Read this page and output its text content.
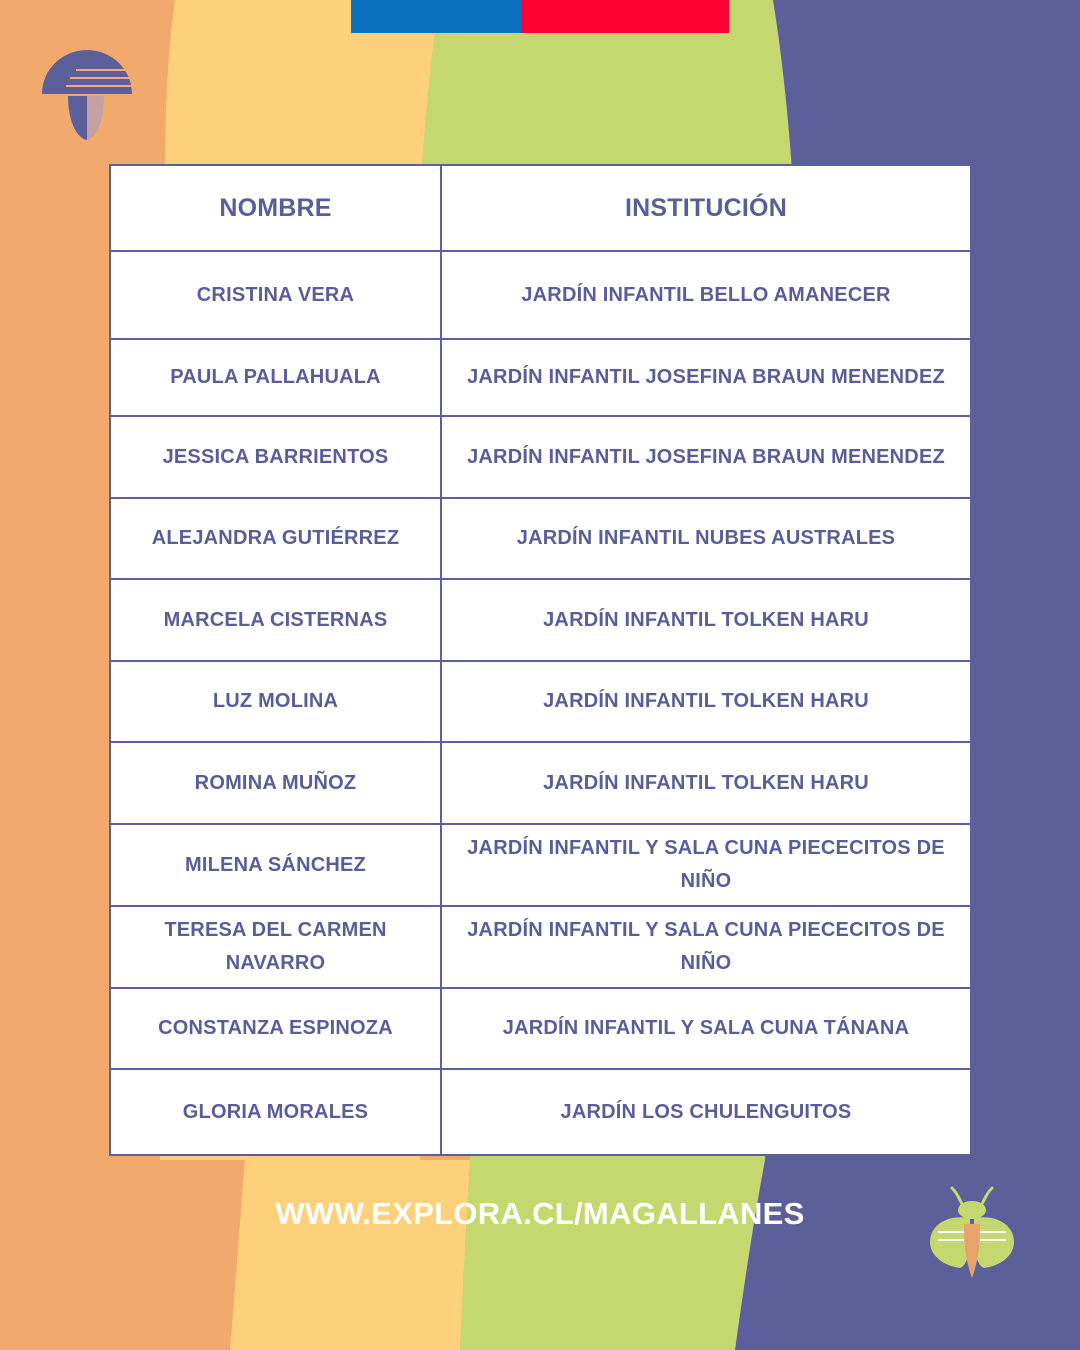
NOMBRE	INSTITUCIÓN
CRISTINA VERA	JARDÍN INFANTIL BELLO AMANECER
PAULA PALLAHUALA	JARDÍN INFANTIL JOSEFINA BRAUN MENENDEZ
JESSICA BARRIENTOS	JARDÍN INFANTIL JOSEFINA BRAUN MENENDEZ
ALEJANDRA GUTIÉRREZ	JARDÍN INFANTIL NUBES AUSTRALES
MARCELA CISTERNAS	JARDÍN INFANTIL TOLKEN HARU
LUZ MOLINA	JARDÍN INFANTIL TOLKEN HARU
ROMINA MUÑOZ	JARDÍN INFANTIL TOLKEN HARU
MILENA SÁNCHEZ	JARDÍN INFANTIL Y SALA CUNA PIECECITOS DE NIÑO
TERESA DEL CARMEN NAVARRO	JARDÍN INFANTIL Y SALA CUNA PIECECITOS DE NIÑO
CONSTANZA ESPINOZA	JARDÍN INFANTIL Y SALA CUNA TÁNANA
GLORIA MORALES	JARDÍN LOS CHULENGUITOS
WWW.EXPLORA.CL/MAGALLANES
